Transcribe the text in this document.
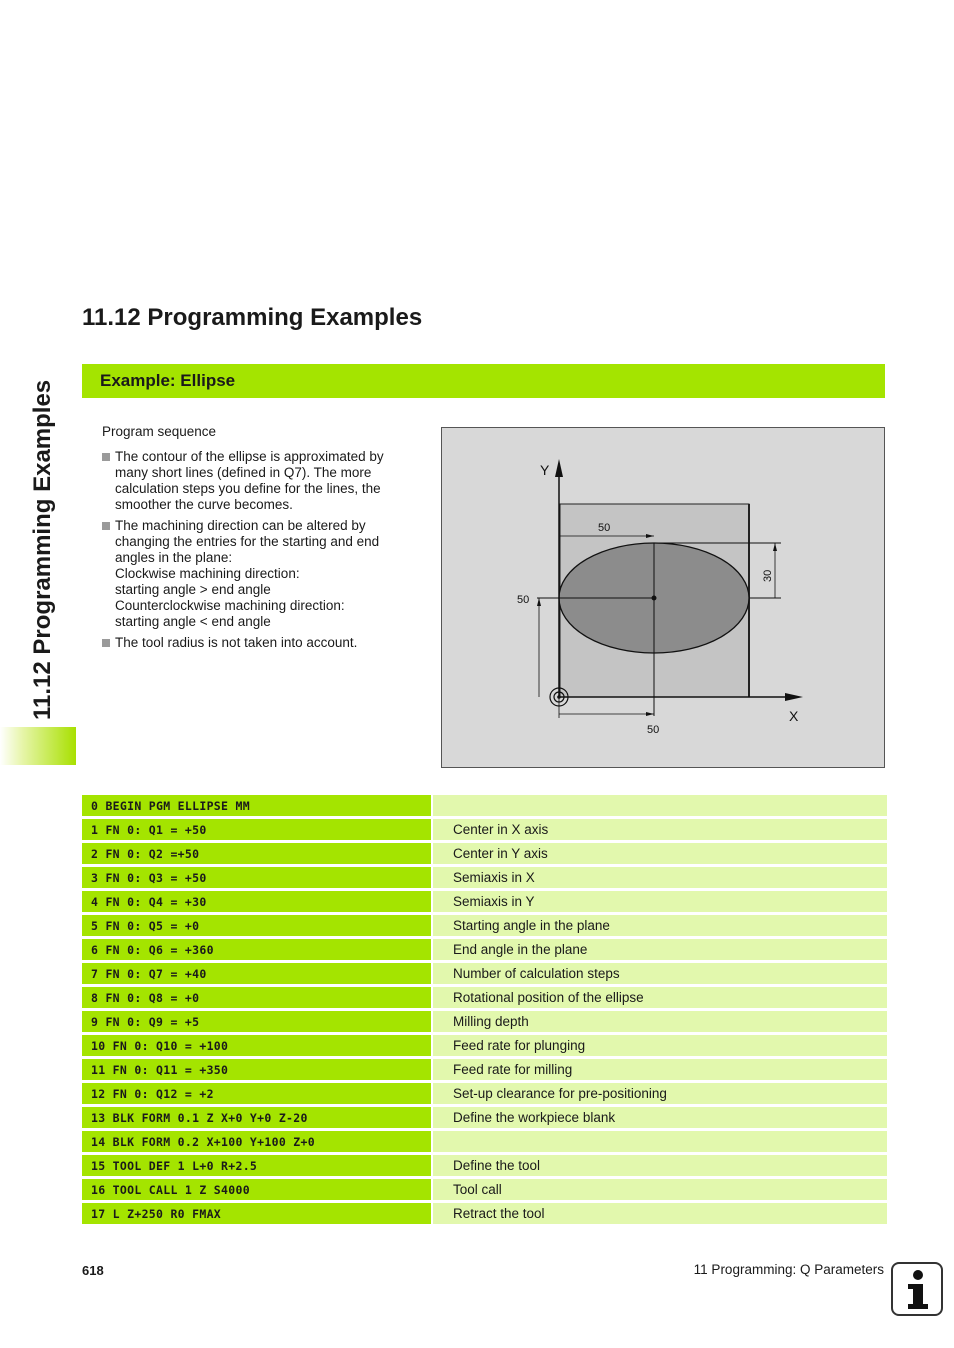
11.12 Programming Examples
11.12 Programming Examples
Example: Ellipse

Program sequence

The contour of the ellipse is approximated by
many short lines (defined in Q7). The more
calculation steps you define for the lines, the
smoother the curve becomes.
The machining direction can be altered by
changing the entries for the starting and end
angles in the plane:
Clockwise machining direction:
starting angle > end angle
Counterclockwise machining direction:
starting angle < end angle
The tool radius is not taken into account.
Y
X
50
50
50
30
0 BEGIN PGM ELLIPSE MM		
1 FN 0: Q1 = +50		Center in X axis
2 FN 0: Q2 =+50		Center in Y axis
3 FN 0: Q3 = +50		Semiaxis in X
4 FN 0: Q4 = +30		Semiaxis in Y
5 FN 0: Q5 = +0		Starting angle in the plane
6 FN 0: Q6 = +360		End angle in the plane
7 FN 0: Q7 = +40		Number of calculation steps
8 FN 0: Q8 = +0		Rotational position of the ellipse
9 FN 0: Q9 = +5		Milling depth
10 FN 0: Q10 = +100		Feed rate for plunging
11 FN 0: Q11 = +350		Feed rate for milling
12 FN 0: Q12 = +2		Set-up clearance for pre-positioning
13 BLK FORM 0.1 Z X+0 Y+0 Z-20		Define the workpiece blank
14 BLK FORM 0.2 X+100 Y+100 Z+0		
15 TOOL DEF 1 L+0 R+2.5		Define the tool
16 TOOL CALL 1 Z S4000		Tool call
17 L Z+250 R0 FMAX		Retract the tool
618	11 Programming: Q Parameters
